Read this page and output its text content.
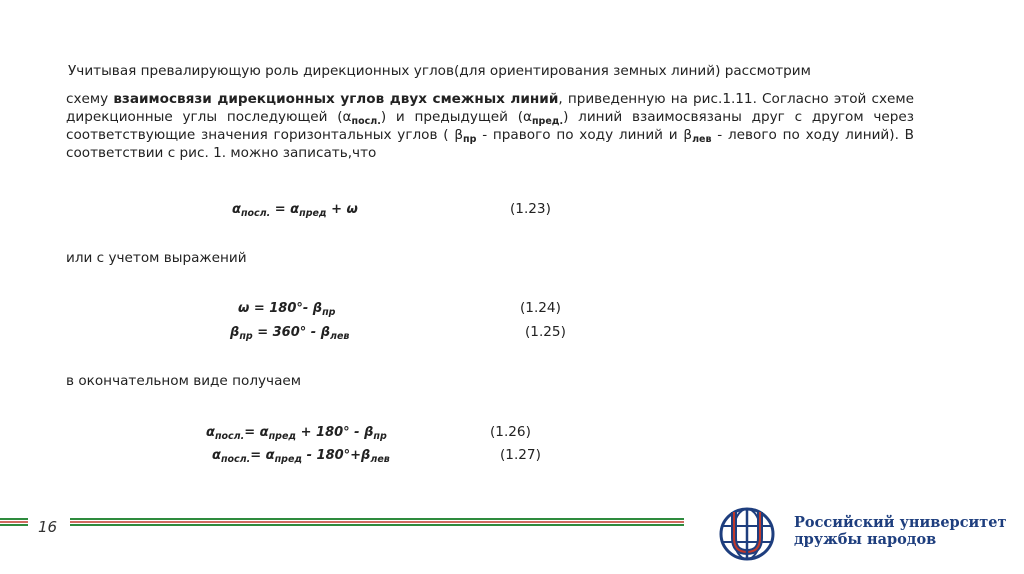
Учитывая превалирующую роль дирекционных углов(для ориентирования земных линий) рассмотрим
схему взаимосвязи дирекционных углов двух смежных линий, приведенную на рис.1.11. Согласно этой схеме дирекционные углы последующей $(\alpha_{посл.})$ и предыдущей $(\alpha_{пред.})$ линий взаимосвязаны друг с другом через соответствующие значения горизонтальных углов ( $\beta_{пр}$ - правого по ходу линий и $\beta_{лев}$ - левого по ходу линий). В соответствии с рис. 1. можно записать,что
$\alpha_{посл.} = \alpha_{пред} + \omega$	(1.23)
или с учетом выражений
ω = 180°- $\beta_{пр}$	(1.24)
$\beta_{пр} = 360^\circ - \beta_{лев}$	(1.25)
в окончательном виде получаем
$\alpha_{посл.}= \alpha_{пред} + 180^\circ - \beta_{пр}$	(1.26)
$\alpha_{посл.}= \alpha_{пред} - 180^\circ+\beta_{лев}$	(1.27)
16	Российский университет
дружбы народов
